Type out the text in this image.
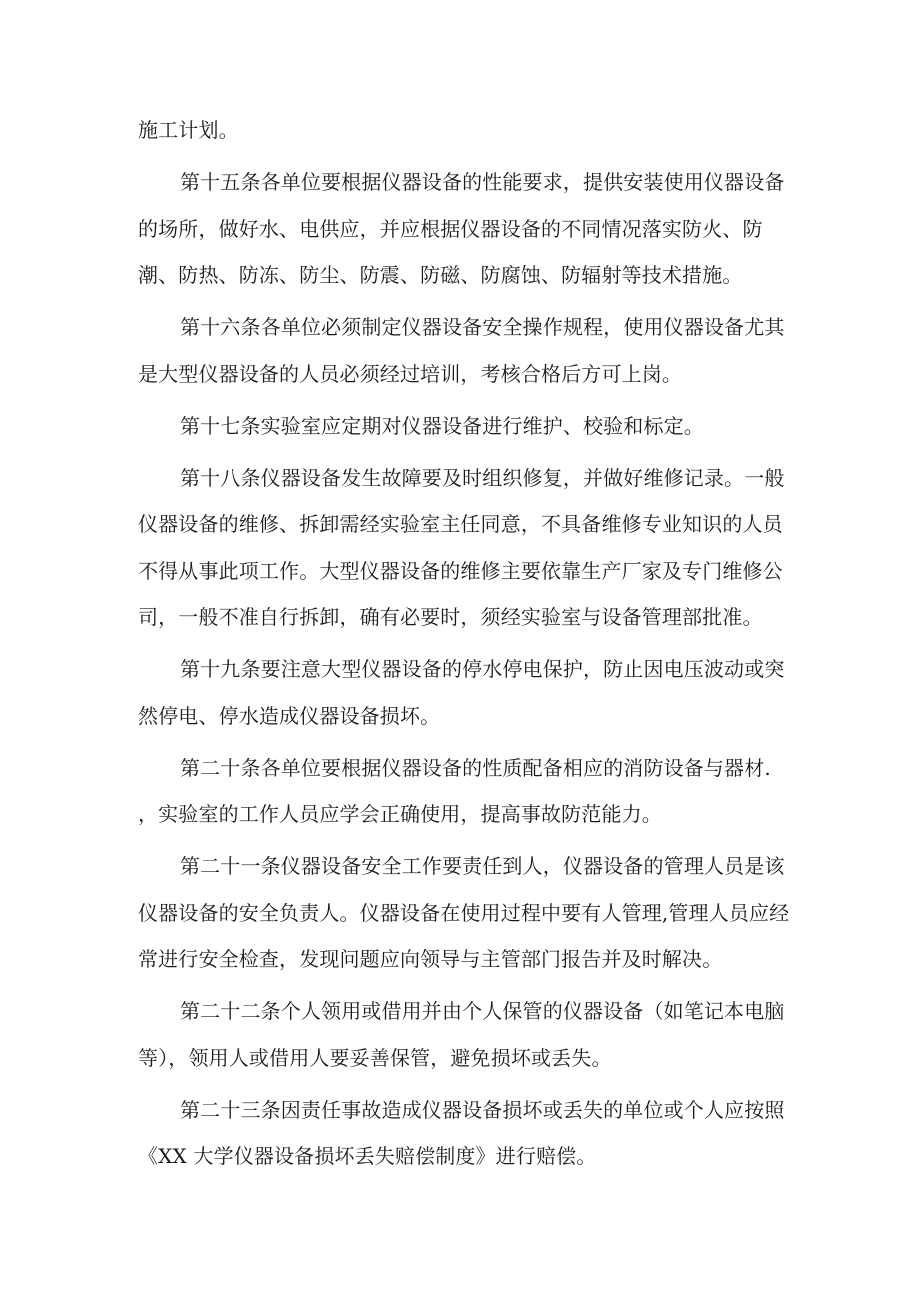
施工计划。
第十五条各单位要根据仪器设备的性能要求，提供安装使用仪器设备
的场所，做好水、电供应，并应根据仪器设备的不同情况落实防火、防
潮、防热、防冻、防尘、防震、防磁、防腐蚀、防辐射等技术措施。
第十六条各单位必须制定仪器设备安全操作规程，使用仪器设备尤其
是大型仪器设备的人员必须经过培训，考核合格后方可上岗。
第十七条实验室应定期对仪器设备进行维护、校验和标定。
第十八条仪器设备发生故障要及时组织修复，并做好维修记录。一般
仪器设备的维修、拆卸需经实验室主任同意，不具备维修专业知识的人员
不得从事此项工作。大型仪器设备的维修主要依靠生产厂家及专门维修公
司，一般不准自行拆卸，确有必要时，须经实验室与设备管理部批准。
第十九条要注意大型仪器设备的停水停电保护，防止因电压波动或突
然停电、停水造成仪器设备损坏。
第二十条各单位要根据仪器设备的性质配备相应的消防设备与器材.
，实验室的工作人员应学会正确使用，提高事故防范能力。
第二十一条仪器设备安全工作要责任到人，仪器设备的管理人员是该
仪器设备的安全负责人。仪器设备在使用过程中要有人管理,管理人员应经
常进行安全检查，发现问题应向领导与主管部门报告并及时解决。
第二十二条个人领用或借用并由个人保管的仪器设备（如笔记本电脑
等），领用人或借用人要妥善保管，避免损坏或丢失。
第二十三条因责任事故造成仪器设备损坏或丢失的单位或个人应按照
《XX 大学仪器设备损坏丢失赔偿制度》进行赔偿。
